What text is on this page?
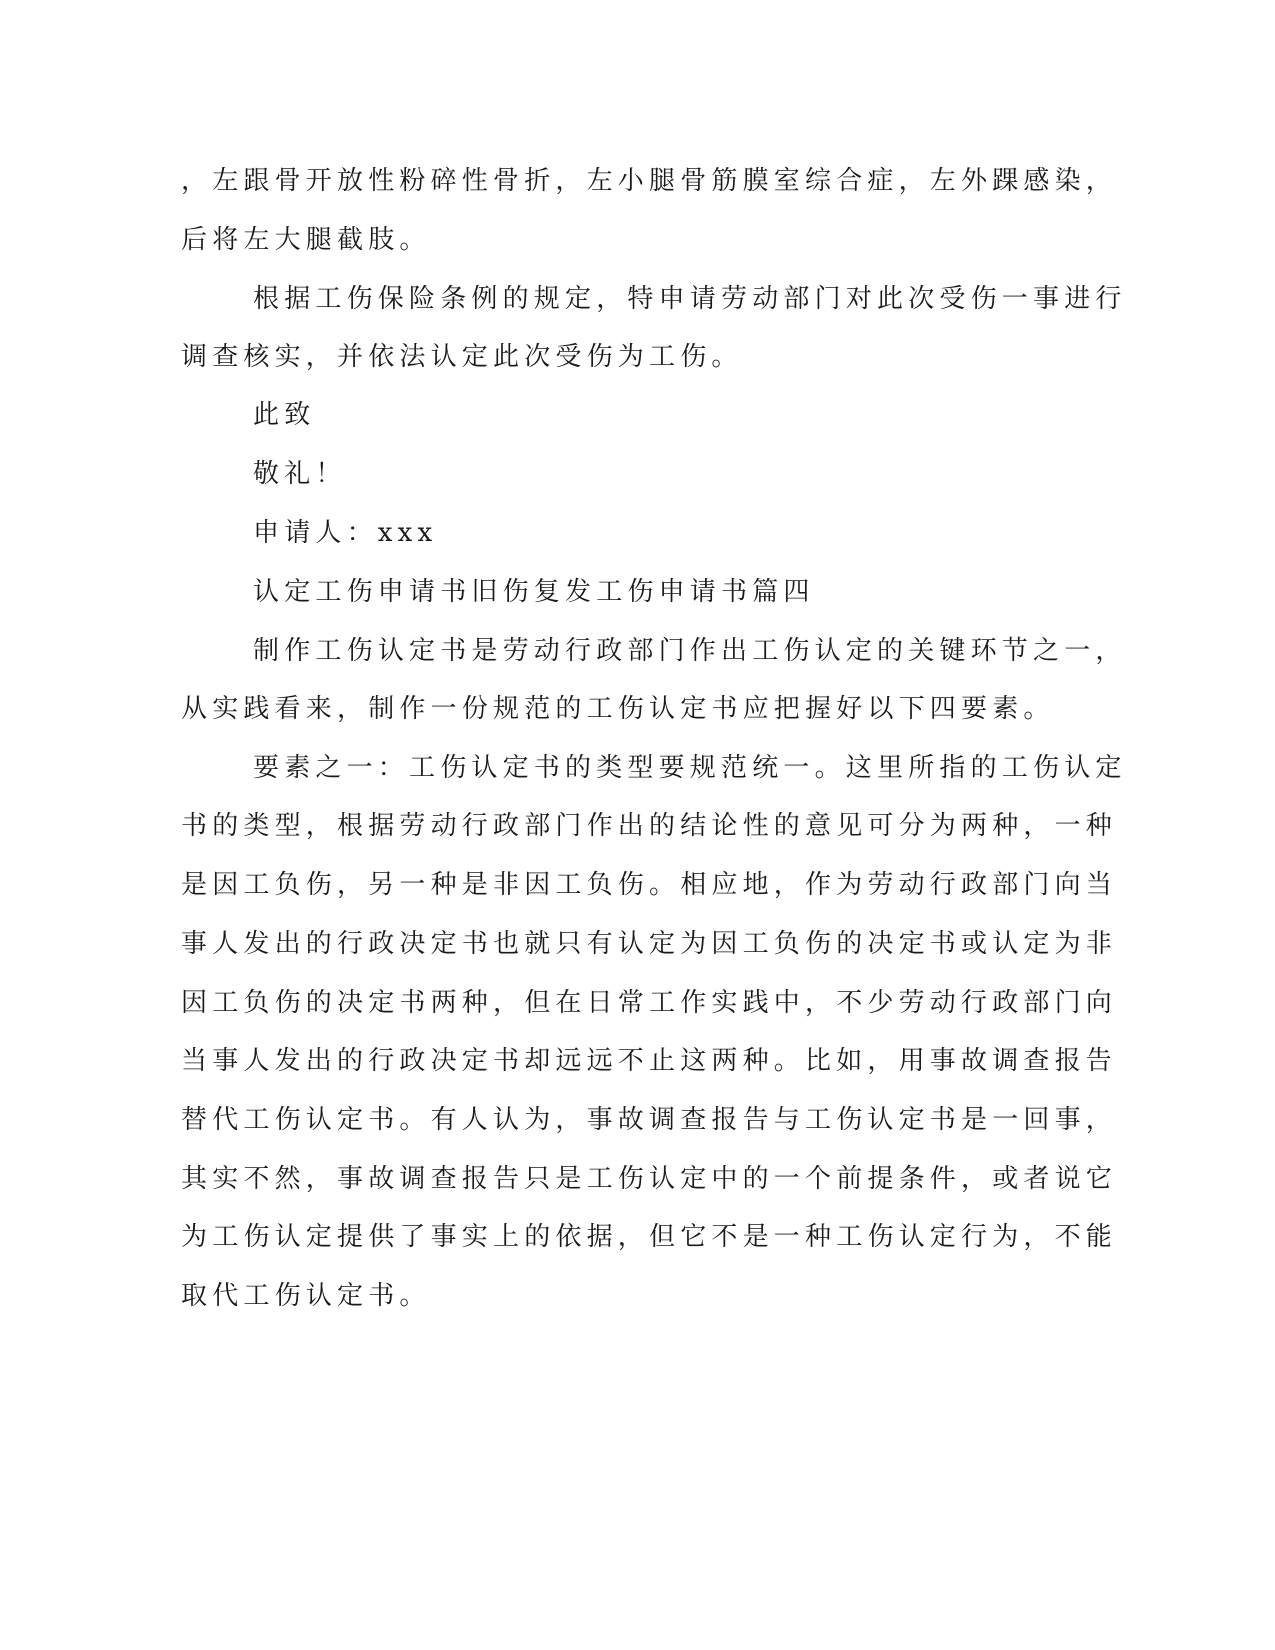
，左跟骨开放性粉碎性骨折，左小腿骨筋膜室综合症，左外踝感染，
后将左大腿截肢。
根据工伤保险条例的规定，特申请劳动部门对此次受伤一事进行
调查核实，并依法认定此次受伤为工伤。
此致
敬礼！
申请人：xxx
认定工伤申请书旧伤复发工伤申请书篇四
制作工伤认定书是劳动行政部门作出工伤认定的关键环节之一，
从实践看来，制作一份规范的工伤认定书应把握好以下四要素。
要素之一：工伤认定书的类型要规范统一。这里所指的工伤认定
书的类型，根据劳动行政部门作出的结论性的意见可分为两种，一种
是因工负伤，另一种是非因工负伤。相应地，作为劳动行政部门向当
事人发出的行政决定书也就只有认定为因工负伤的决定书或认定为非
因工负伤的决定书两种，但在日常工作实践中，不少劳动行政部门向
当事人发出的行政决定书却远远不止这两种。比如，用事故调查报告
替代工伤认定书。有人认为，事故调查报告与工伤认定书是一回事，
其实不然，事故调查报告只是工伤认定中的一个前提条件，或者说它
为工伤认定提供了事实上的依据，但它不是一种工伤认定行为，不能
取代工伤认定书。
